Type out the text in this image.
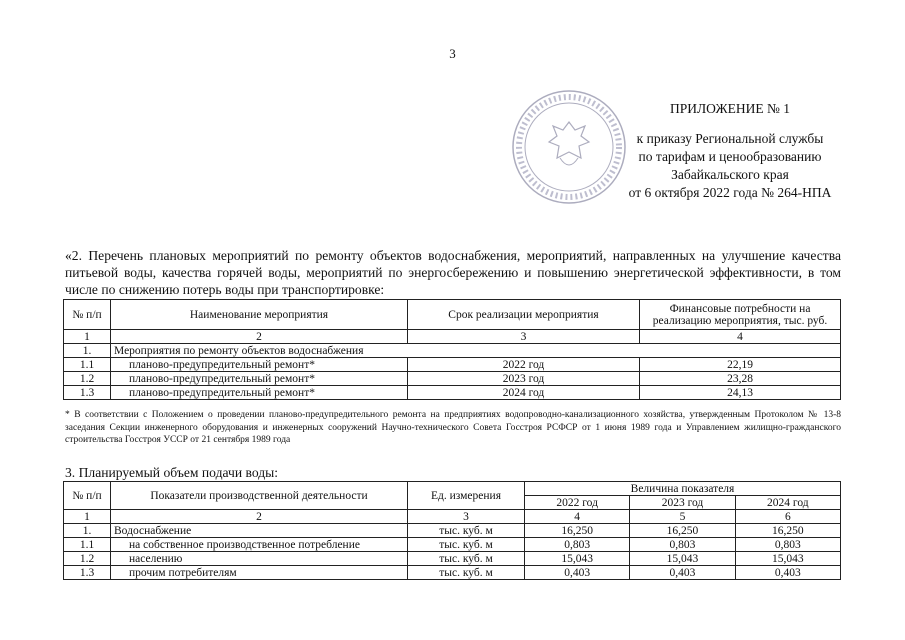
3
ПРИЛОЖЕНИЕ № 1
к приказу Региональной службы
по тарифам и ценообразованию
Забайкальского края
от 6 октября 2022 года № 264-НПА
«2. Перечень плановых мероприятий по ремонту объектов водоснабжения, мероприятий, направленных на улучшение качества питьевой воды, качества горячей воды, мероприятий по энергосбережению и повышению энергетической эффективности, в том числе по снижению потерь воды при транспортировке:
№ п/п	Наименование мероприятия	Срок реализации мероприятия	Финансовые потребности на реализацию мероприятия, тыс. руб.
1	2	3	4
1.	Мероприятия по ремонту объектов водоснабжения		
1.1	планово-предупредительный ремонт*	2022 год	22,19
1.2	планово-предупредительный ремонт*	2023 год	23,28
1.3	планово-предупредительный ремонт*	2024 год	24,13
* В соответствии с Положением о проведении планово-предупредительного ремонта на предприятиях водопроводно-канализационного хозяйства, утвержденным Протоколом № 13-8 заседания Секции инженерного оборудования и инженерных сооружений Научно-технического Совета Госстроя РСФСР от 1 июня 1989 года и Управлением жилищно-гражданского строительства Госстроя УССР от 21 сентября 1989 года
3. Планируемый объем подачи воды:
№ п/п	Показатели производственной деятельности	Ед. измерения	Величина показателя		
			2022 год	2023 год	2024 год
1	2	3	4	5	6
1.	Водоснабжение	тыс. куб. м	16,250	16,250	16,250
1.1	на собственное производственное потребление	тыс. куб. м	0,803	0,803	0,803
1.2	населению	тыс. куб. м	15,043	15,043	15,043
1.3	прочим потребителям	тыс. куб. м	0,403	0,403	0,403
